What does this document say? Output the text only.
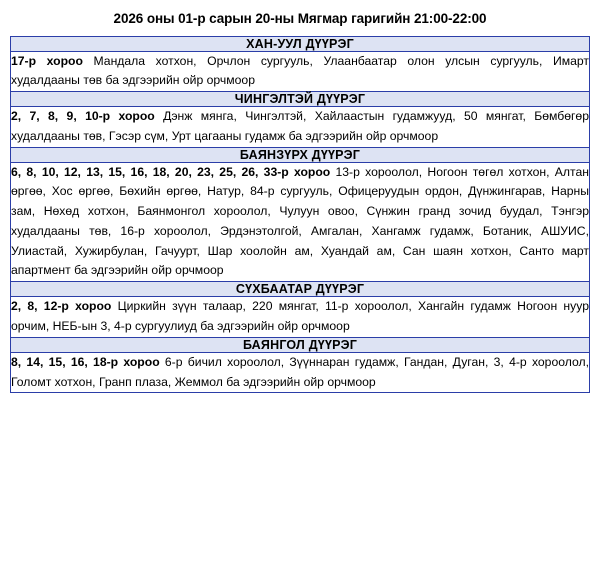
2026 оны 01-р сарын 20-ны Мягмар гаригийн 21:00-22:00
ХАН-УУЛ ДҮҮРЭГ
17-р хороо Мандала хотхон, Орчлон сургууль, Улаанбаатар олон улсын сургууль, Имарт худалдааны төв ба эдгээрийн ойр орчмоор
ЧИНГЭЛТЭЙ ДҮҮРЭГ
2, 7, 8, 9, 10-р хороо Дэнж мянга, Чингэлтэй, Хайлаастын гудамжууд, 50 мянгат, Бөмбөгөр худалдааны төв, Гэсэр сүм, Урт цагааны гудамж ба эдгээрийн ойр орчмоор
БАЯНЗҮРХ ДҮҮРЭГ
6, 8, 10, 12, 13, 15, 16, 18, 20, 23, 25, 26, 33-р хороо 13-р хороолол, Ногоон төгөл хотхон, Алтан өргөө, Хос өргөө, Бөхийн өргөө, Натур, 84-р сургууль, Офицеруудын ордон, Дүнжингарав, Нарны зам, Нөхөд хотхон, Баянмонгол хороолол, Чулуун овоо, Сүнжин гранд зочид буудал, Тэнгэр худалдааны төв, 16-р хороолол, Эрдэнэтолгой, Амгалан, Хангамж гудамж, Ботаник, АШУИС, Улиастай, Хужирбулан, Гачуурт, Шар хоолойн ам, Хуандай ам, Сан шаян хотхон, Санто март апартмент ба эдгээрийн ойр орчмоор
СҮХБААТАР ДҮҮРЭГ
2, 8, 12-р хороо Циркийн зүүн талаар, 220 мянгат, 11-р хороолол, Хангайн гудамж Ногоон нуур орчим, НЕБ-ын 3, 4-р сургуулиуд ба эдгээрийн ойр орчмоор
БАЯНГОЛ ДҮҮРЭГ
8, 14, 15, 16, 18-р хороо 6-р бичил хороолол, Зүүннаран гудамж, Гандан, Дуган, 3, 4-р хороолол, Голомт хотхон, Гранп плаза, Жеммол ба эдгээрийн ойр орчмоор
